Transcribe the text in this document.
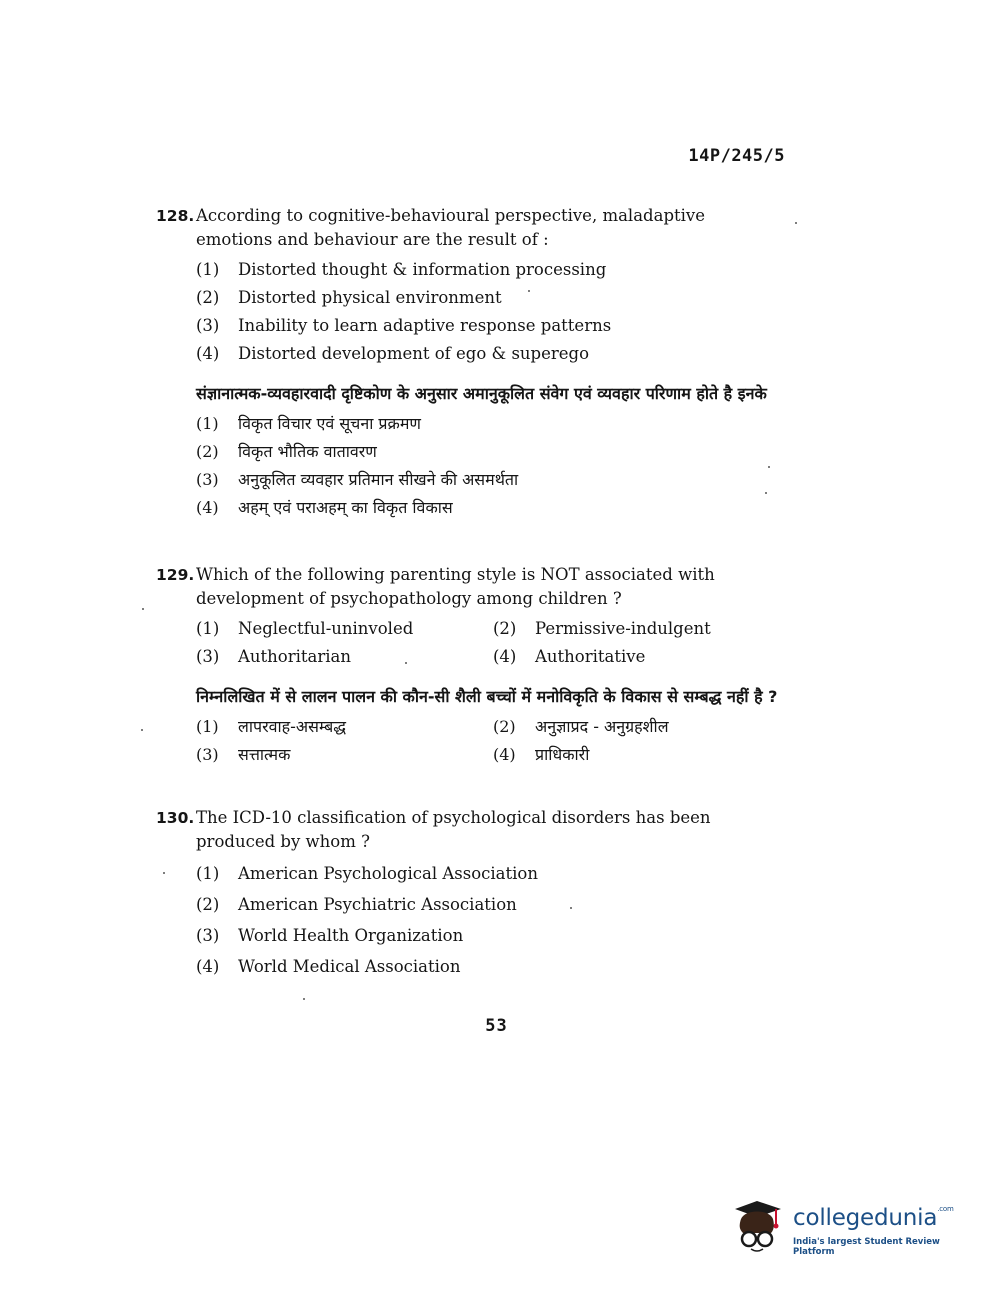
14P/245/5
128. According to cognitive-behavioural perspective, maladaptive emotions and behaviour are the result of :
(1)	Distorted thought & information processing
(2)	Distorted physical environment
(3)	Inability to learn adaptive response patterns
(4)	Distorted development of ego & superego
संज्ञानात्मक-व्यवहारवादी दृष्टिकोण के अनुसार अमानुकूलित संवेग एवं व्यवहार परिणाम होते है इनके
(1)	विकृत विचार एवं सूचना प्रक्रमण
(2)	विकृत भौतिक वातावरण
(3)	अनुकूलित व्यवहार प्रतिमान सीखने की असमर्थता
(4)	अहम् एवं पराअहम् का विकृत विकास
129. Which of the following parenting style is NOT associated with development of psychopathology among children ?
(1)	Neglectful-uninvoled	(2)	Permissive-indulgent
(3)	Authoritarian	(4)	Authoritative
निम्नलिखित में से लालन पालन की कौन-सी शैली बच्चों में मनोविकृति के विकास से सम्बद्ध नहीं है ?
(1)	लापरवाह-असम्बद्ध	(2)	अनुज्ञाप्रद - अनुग्रहशील
(3)	सत्तात्मक	(4)	प्राधिकारी
130. The ICD-10 classification of psychological disorders has been produced by whom ?
(1)	American Psychological Association
(2)	American Psychiatric Association
(3)	World Health Organization
(4)	World Medical Association
53
collegedunia$^{.com}$
India's largest Student Review Platform
